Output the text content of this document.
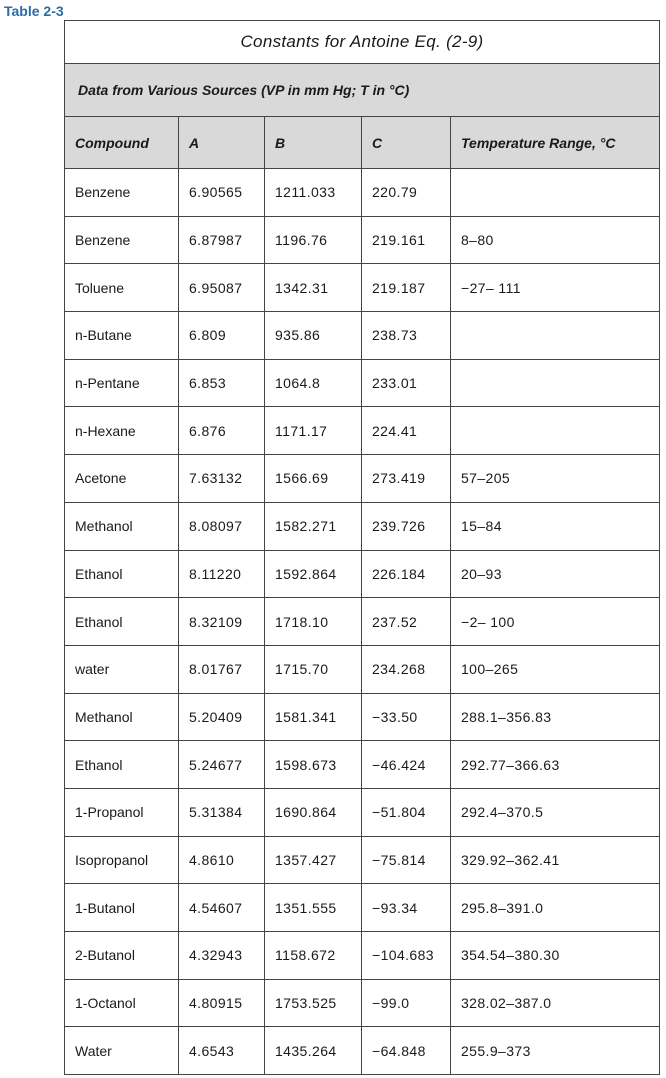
Table 2-3
Constants for Antoine Eq. (2-9)
Data from Various Sources (VP in mm Hg; T in °C)
Compound	A	B	C	Temperature Range, °C
Benzene	6.90565	1211.033	220.79
Benzene	6.87987	1196.76	219.161	8–80
Toluene	6.95087	1342.31	219.187	−27– 111
n-Butane	6.809	935.86	238.73
n-Pentane	6.853	1064.8	233.01
n-Hexane	6.876	1171.17	224.41
Acetone	7.63132	1566.69	273.419	57–205
Methanol	8.08097	1582.271	239.726	15–84
Ethanol	8.11220	1592.864	226.184	20–93
Ethanol	8.32109	1718.10	237.52	−2– 100
water	8.01767	1715.70	234.268	100–265
Methanol	5.20409	1581.341	−33.50	288.1–356.83
Ethanol	5.24677	1598.673	−46.424	292.77–366.63
1-Propanol	5.31384	1690.864	−51.804	292.4–370.5
Isopropanol	4.8610	1357.427	−75.814	329.92–362.41
1-Butanol	4.54607	1351.555	−93.34	295.8–391.0
2-Butanol	4.32943	1158.672	−104.683	354.54–380.30
1-Octanol	4.80915	1753.525	−99.0	328.02–387.0
Water	4.6543	1435.264	−64.848	255.9–373
